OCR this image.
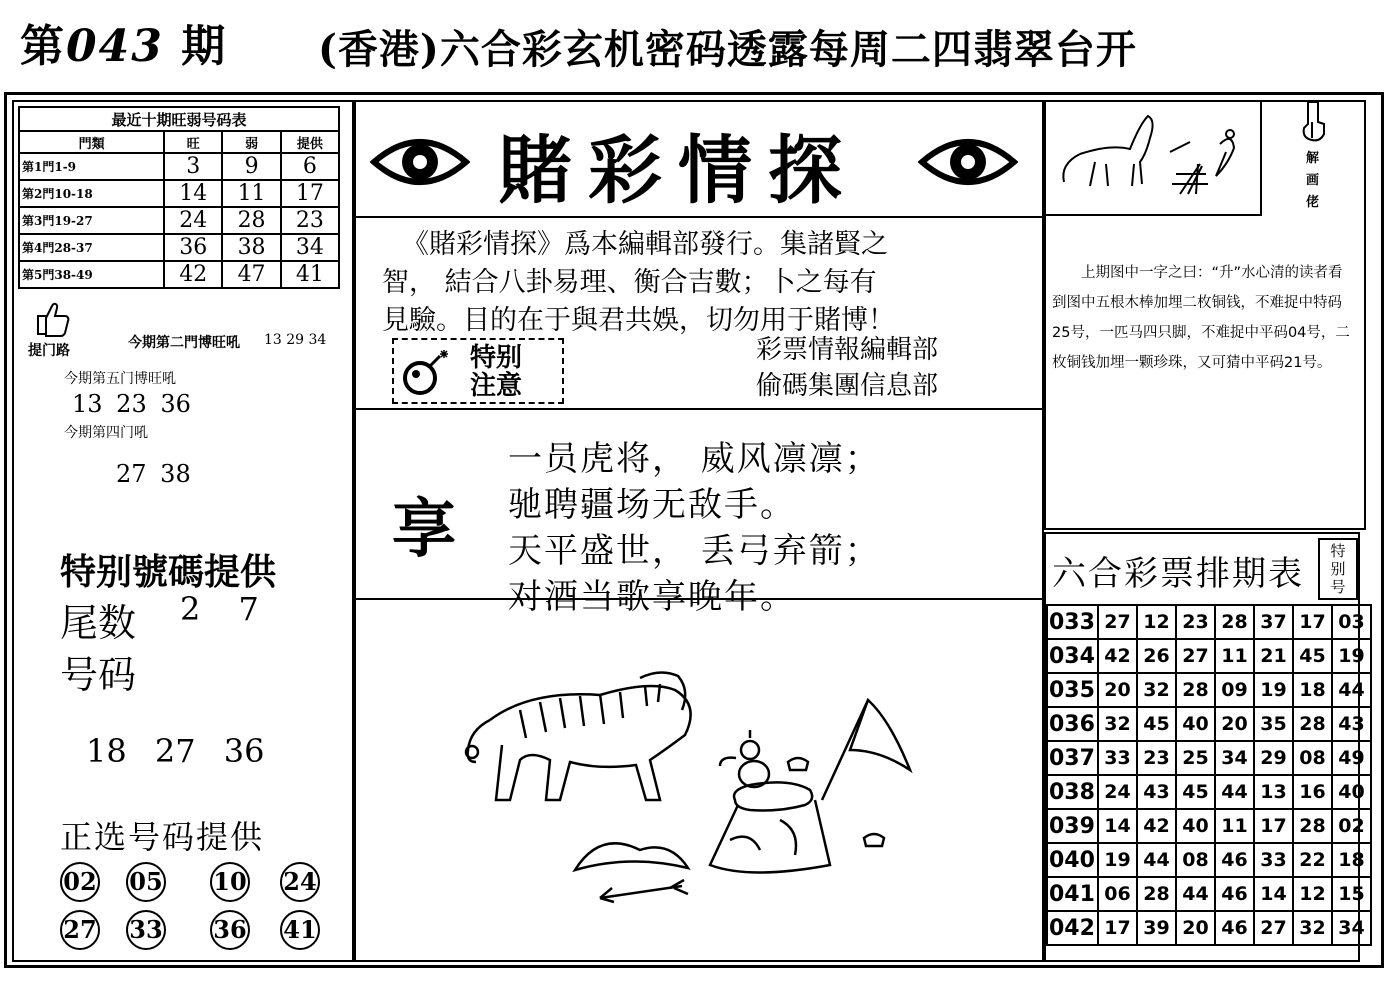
第043 期 (香港)六合彩玄机密码透露每周二四翡翠台开
最近十期旺弱号码表			
門類	旺	弱	提供
第1門1-9	3	9	6
第2門10-18	14	11	17
第3門19-27	24	28	23
第4門28-37	36	38	34
第5門38-49	42	47	41
提门路	今期第二門博旺吼 13 29 34
今期第五门博旺吼
13 23 36
今期第四门吼
27 38
特别號碼提供
尾数 2 7
号码
18 27 36
正选号码提供
02 05 10 24
27 33 36 41
賭彩情探
《賭彩情探》爲本編輯部發行。集諸賢之
智， 結合八卦易理、衡合吉數；卜之每有
見驗。目的在于與君共娛，切勿用于賭博！
特别
注意
彩票情報編輯部
偷碼集團信息部
享
一员虎将， 威风凛凛；
驰聘疆场无敌手。
天平盛世， 丢弓弃箭；
对酒当歌享晚年。
解画佬
上期图中一字之曰：“升”水心清的读者看到图中五根木棒加埋二枚铜钱，不难捉中特码25号，一匹马四只脚，不难捉中平码04号，二枚铜钱加埋一颗珍珠，又可猜中平码21号。
六合彩票排期表
特别号
033	27	12	23	28	37	17	03
034	42	26	27	11	21	45	19
035	20	32	28	09	19	18	44
036	32	45	40	20	35	28	43
037	33	23	25	34	29	08	49
038	24	43	45	44	13	16	40
039	14	42	40	11	17	28	02
040	19	44	08	46	33	22	18
041	06	28	44	46	14	12	15
042	17	39	20	46	27	32	34
